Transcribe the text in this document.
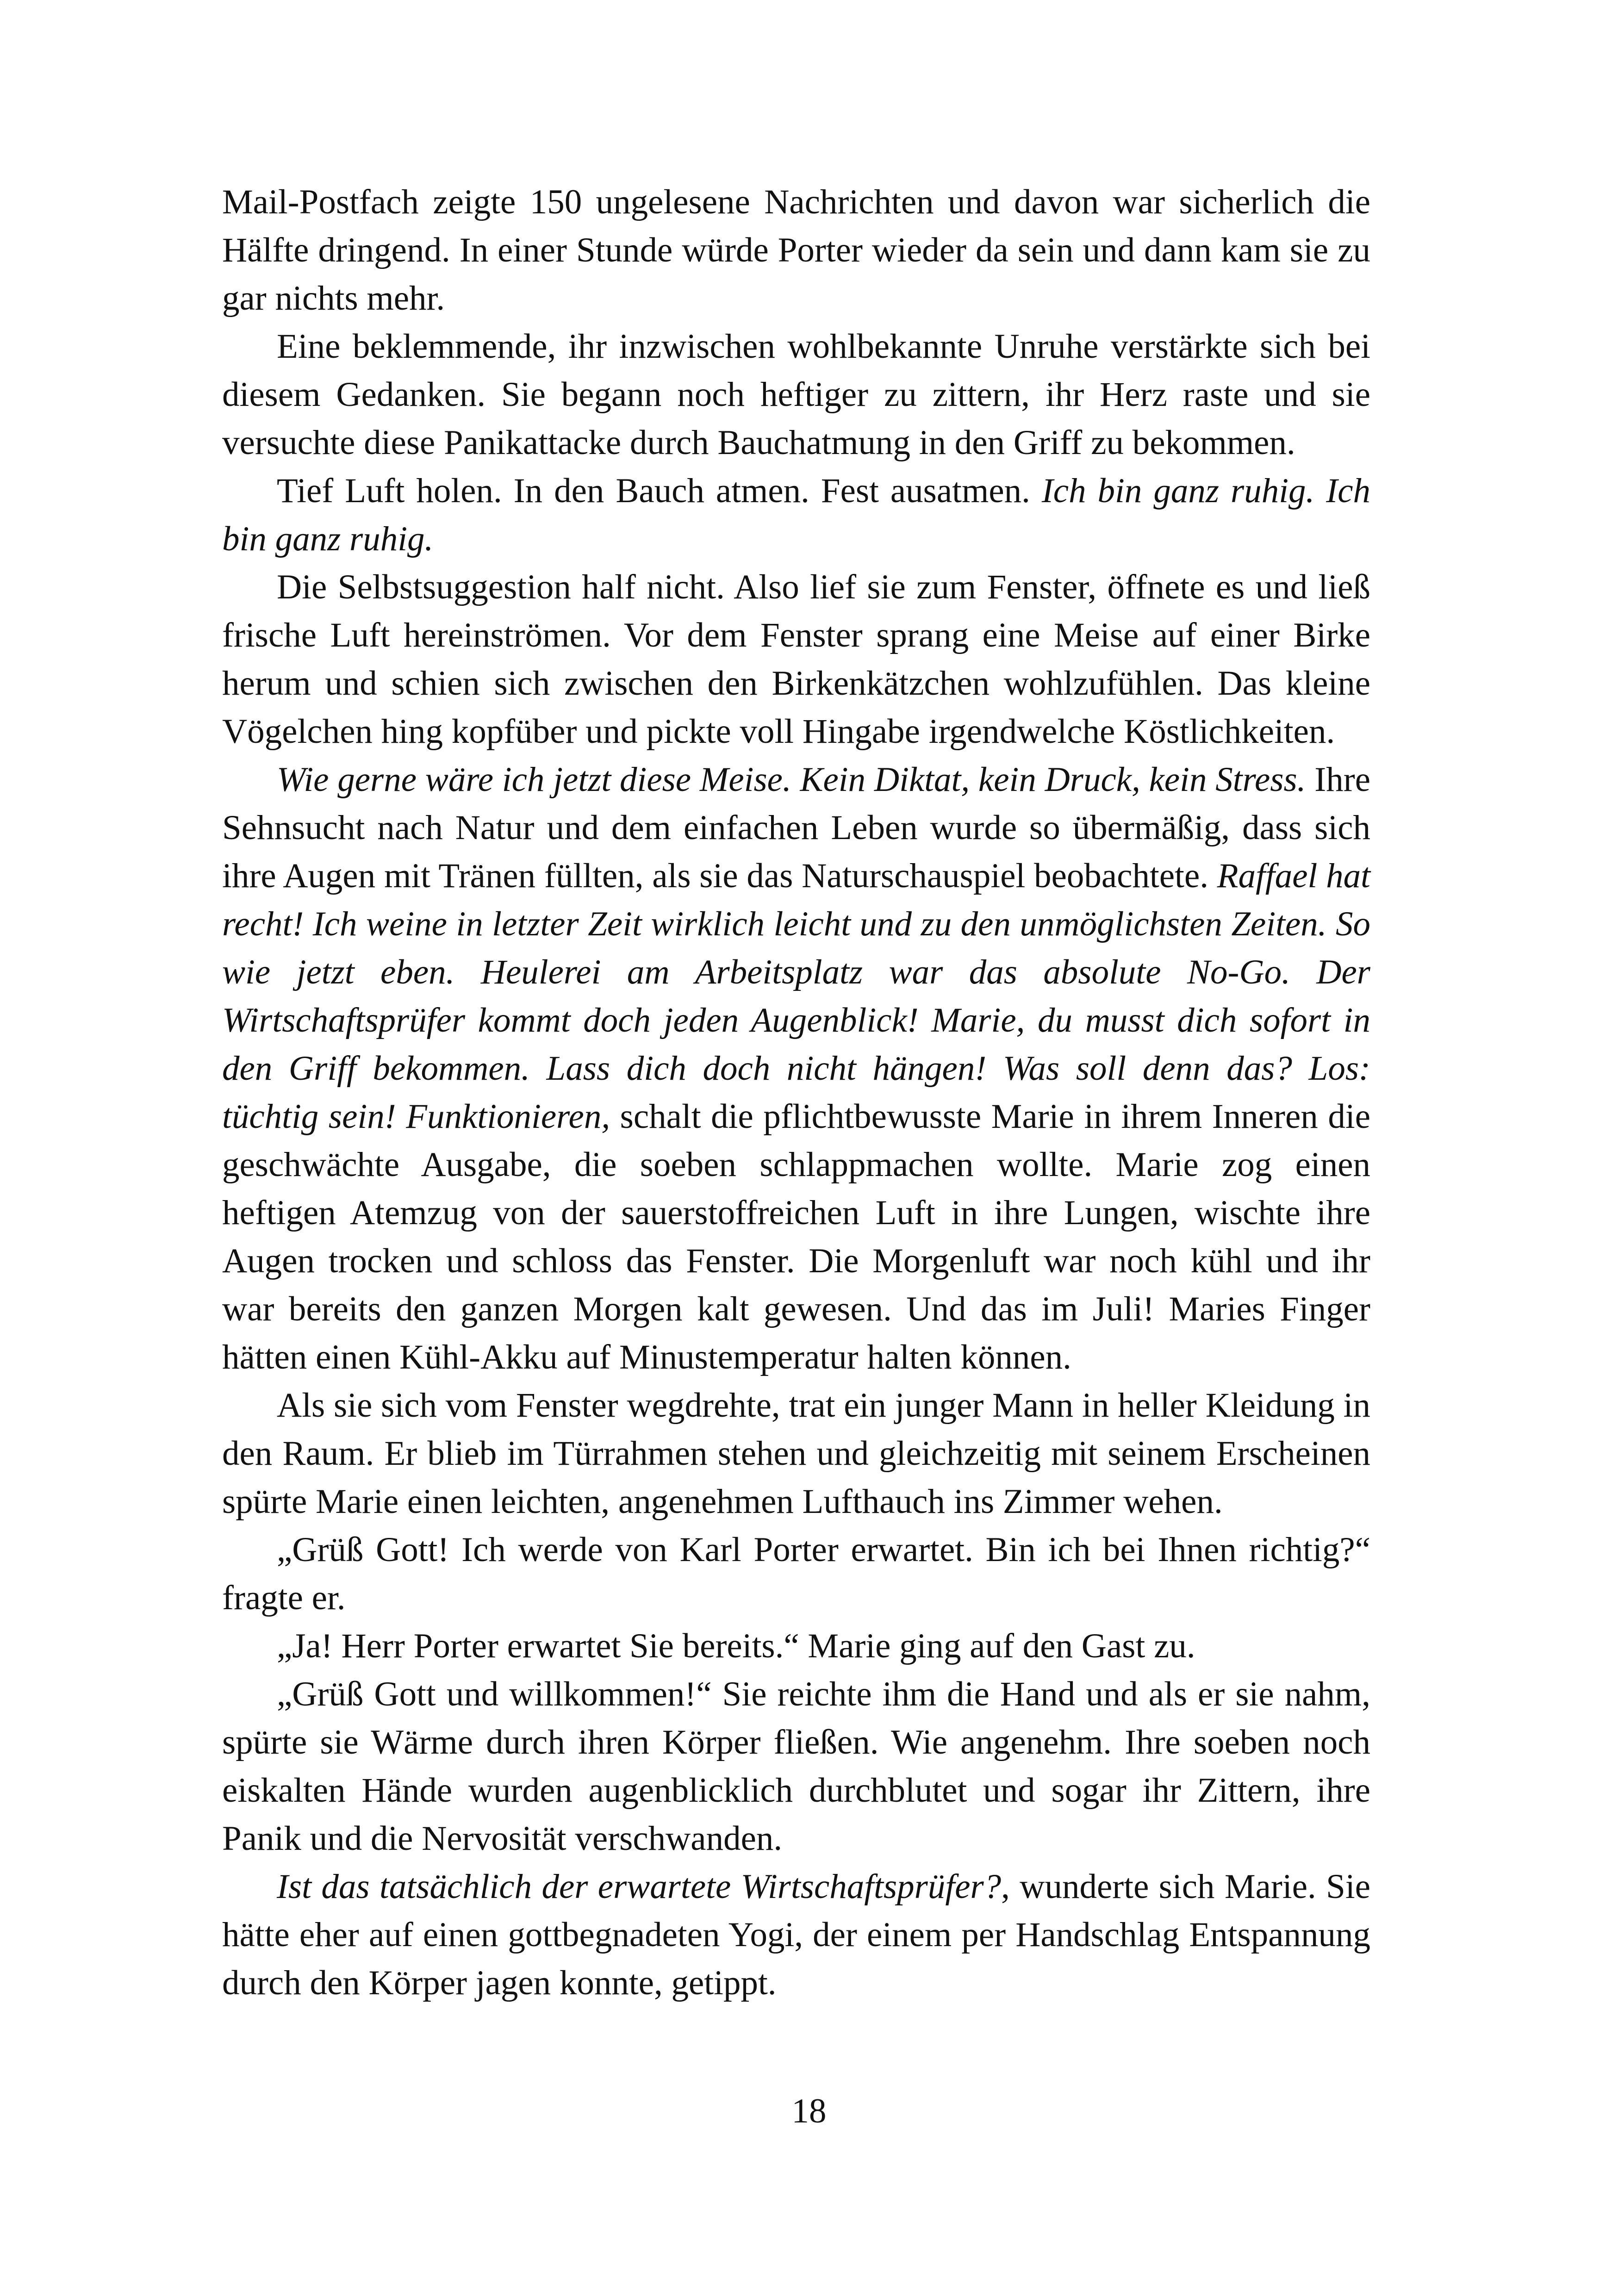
Mail-Postfach zeigte 150 ungelesene Nachrichten und davon war sicherlich die Hälfte dringend. In einer Stunde würde Porter wieder da sein und dann kam sie zu gar nichts mehr.

Eine beklemmende, ihr inzwischen wohlbekannte Unruhe verstärkte sich bei diesem Gedanken. Sie begann noch heftiger zu zittern, ihr Herz raste und sie versuchte diese Panikattacke durch Bauchatmung in den Griff zu bekommen.

Tief Luft holen. In den Bauch atmen. Fest ausatmen. Ich bin ganz ruhig. Ich bin ganz ruhig.

Die Selbstsuggestion half nicht. Also lief sie zum Fenster, öffnete es und ließ frische Luft hereinströmen. Vor dem Fenster sprang eine Meise auf einer Birke herum und schien sich zwischen den Birkenkätzchen wohlzufühlen. Das kleine Vögelchen hing kopfüber und pickte voll Hingabe irgendwelche Köstlichkeiten.

Wie gerne wäre ich jetzt diese Meise. Kein Diktat, kein Druck, kein Stress. Ihre Sehnsucht nach Natur und dem einfachen Leben wurde so übermäßig, dass sich ihre Augen mit Tränen füllten, als sie das Naturschauspiel beobachtete. Raffael hat recht! Ich weine in letzter Zeit wirklich leicht und zu den unmöglichsten Zeiten. So wie jetzt eben. Heulerei am Arbeitsplatz war das absolute No-Go. Der Wirtschaftsprüfer kommt doch jeden Augenblick! Marie, du musst dich sofort in den Griff bekommen. Lass dich doch nicht hängen! Was soll denn das? Los: tüchtig sein! Funktionieren, schalt die pflichtbewusste Marie in ihrem Inneren die geschwächte Ausgabe, die soeben schlappmachen wollte. Marie zog einen heftigen Atemzug von der sauerstoffreichen Luft in ihre Lungen, wischte ihre Augen trocken und schloss das Fenster. Die Morgenluft war noch kühl und ihr war bereits den ganzen Morgen kalt gewesen. Und das im Juli! Maries Finger hätten einen Kühl-Akku auf Minustemperatur halten können.

Als sie sich vom Fenster wegdrehte, trat ein junger Mann in heller Kleidung in den Raum. Er blieb im Türrahmen stehen und gleichzeitig mit seinem Erscheinen spürte Marie einen leichten, angenehmen Lufthauch ins Zimmer wehen.

„Grüß Gott! Ich werde von Karl Porter erwartet. Bin ich bei Ihnen richtig?“ fragte er.

„Ja! Herr Porter erwartet Sie bereits.“ Marie ging auf den Gast zu.

„Grüß Gott und willkommen!“ Sie reichte ihm die Hand und als er sie nahm, spürte sie Wärme durch ihren Körper fließen. Wie angenehm. Ihre soeben noch eiskalten Hände wurden augenblicklich durchblutet und sogar ihr Zittern, ihre Panik und die Nervosität verschwanden.

Ist das tatsächlich der erwartete Wirtschaftsprüfer?, wunderte sich Marie. Sie hätte eher auf einen gottbegnadeten Yogi, der einem per Handschlag Entspannung durch den Körper jagen konnte, getippt.

18
